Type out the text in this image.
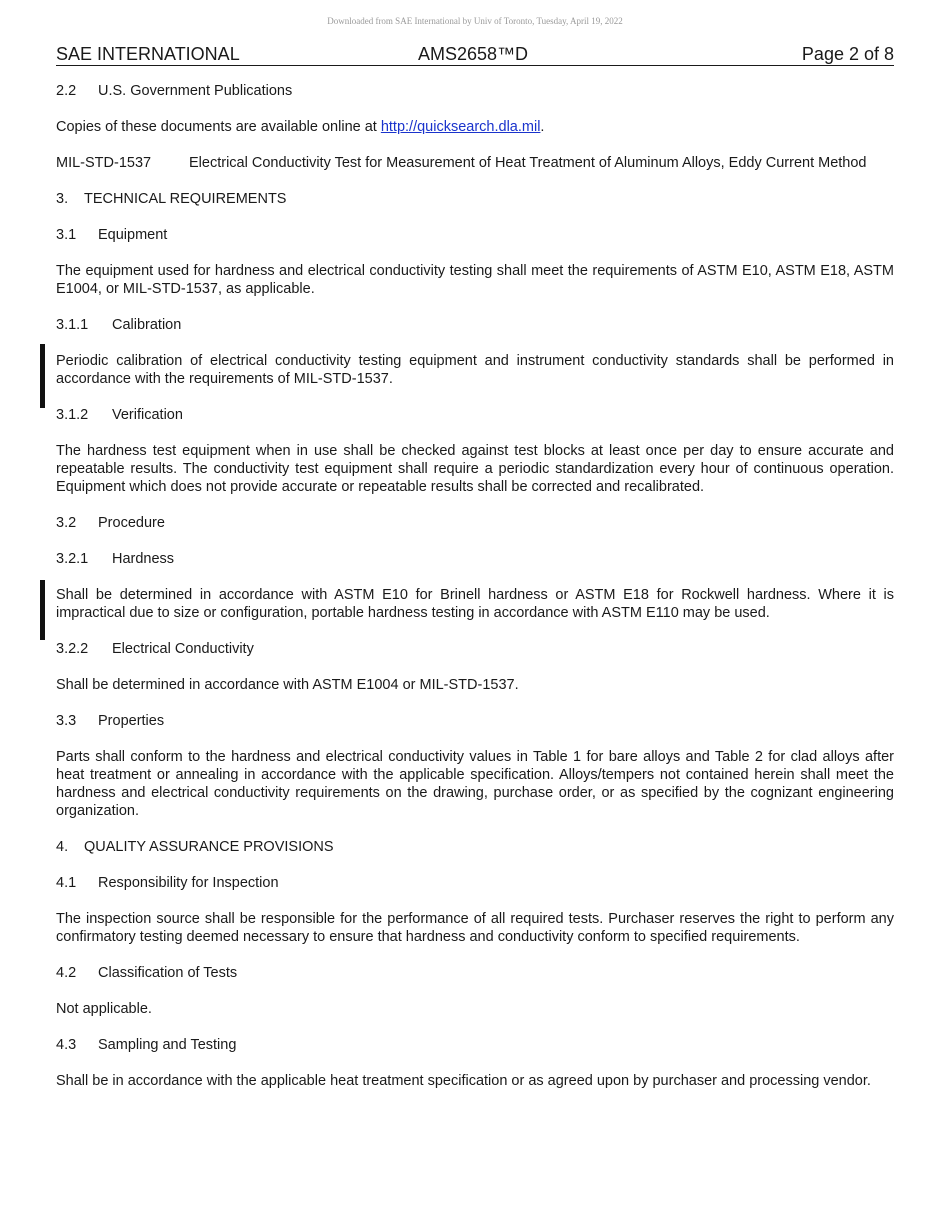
Downloaded from SAE International by Univ of Toronto, Tuesday, April 19, 2022
SAE INTERNATIONAL	AMS2658™D	Page 2 of 8
2.2 U.S. Government Publications
Copies of these documents are available online at http://quicksearch.dla.mil.
MIL-STD-1537	Electrical Conductivity Test for Measurement of Heat Treatment of Aluminum Alloys, Eddy Current Method
3. TECHNICAL REQUIREMENTS
3.1 Equipment
The equipment used for hardness and electrical conductivity testing shall meet the requirements of ASTM E10, ASTM E18, ASTM E1004, or MIL-STD-1537, as applicable.
3.1.1 Calibration
Periodic calibration of electrical conductivity testing equipment and instrument conductivity standards shall be performed in accordance with the requirements of MIL-STD-1537.
3.1.2 Verification
The hardness test equipment when in use shall be checked against test blocks at least once per day to ensure accurate and repeatable results. The conductivity test equipment shall require a periodic standardization every hour of continuous operation. Equipment which does not provide accurate or repeatable results shall be corrected and recalibrated.
3.2 Procedure
3.2.1 Hardness
Shall be determined in accordance with ASTM E10 for Brinell hardness or ASTM E18 for Rockwell hardness. Where it is impractical due to size or configuration, portable hardness testing in accordance with ASTM E110 may be used.
3.2.2 Electrical Conductivity
Shall be determined in accordance with ASTM E1004 or MIL-STD-1537.
3.3 Properties
Parts shall conform to the hardness and electrical conductivity values in Table 1 for bare alloys and Table 2 for clad alloys after heat treatment or annealing in accordance with the applicable specification. Alloys/tempers not contained herein shall meet the hardness and electrical conductivity requirements on the drawing, purchase order, or as specified by the cognizant engineering organization.
4. QUALITY ASSURANCE PROVISIONS
4.1 Responsibility for Inspection
The inspection source shall be responsible for the performance of all required tests. Purchaser reserves the right to perform any confirmatory testing deemed necessary to ensure that hardness and conductivity conform to specified requirements.
4.2 Classification of Tests
Not applicable.
4.3 Sampling and Testing
Shall be in accordance with the applicable heat treatment specification or as agreed upon by purchaser and processing vendor.
